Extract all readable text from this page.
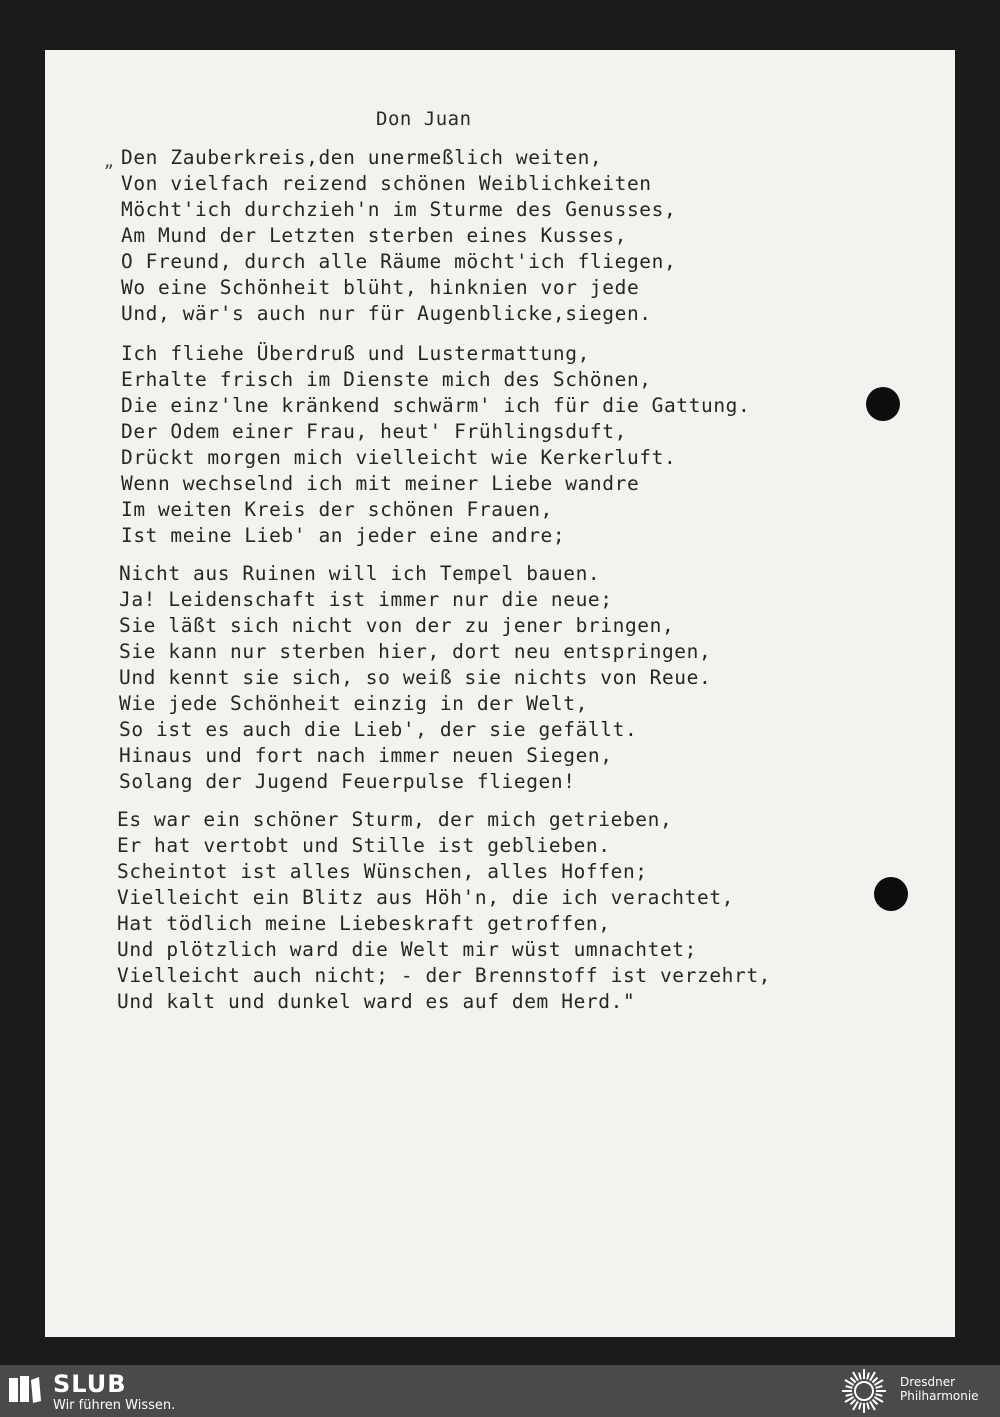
Don Juan
„ Den Zauberkreis,den unermeßlich weiten,
Von vielfach reizend schönen Weiblichkeiten
Möcht'ich durchzieh'n im Sturme des Genusses,
Am Mund der Letzten sterben eines Kusses,
O Freund, durch alle Räume möcht'ich fliegen,
Wo eine Schönheit blüht, hinknien vor jede
Und, wär's auch nur für Augenblicke,siegen.
Ich fliehe Überdruß und Lustermattung,
Erhalte frisch im Dienste mich des Schönen,
Die einz'lne kränkend schwärm' ich für die Gattung.
Der Odem einer Frau, heut' Frühlingsduft,
Drückt morgen mich vielleicht wie Kerkerluft.
Wenn wechselnd ich mit meiner Liebe wandre
Im weiten Kreis der schönen Frauen,
Ist meine Lieb' an jeder eine andre;
Nicht aus Ruinen will ich Tempel bauen.
Ja! Leidenschaft ist immer nur die neue;
Sie läßt sich nicht von der zu jener bringen,
Sie kann nur sterben hier, dort neu entspringen,
Und kennt sie sich, so weiß sie nichts von Reue.
Wie jede Schönheit einzig in der Welt,
So ist es auch die Lieb', der sie gefällt.
Hinaus und fort nach immer neuen Siegen,
Solang der Jugend Feuerpulse fliegen!
Es war ein schöner Sturm, der mich getrieben,
Er hat vertobt und Stille ist geblieben.
Scheintot ist alles Wünschen, alles Hoffen;
Vielleicht ein Blitz aus Höh'n, die ich verachtet,
Hat tödlich meine Liebeskraft getroffen,
Und plötzlich ward die Welt mir wüst umnachtet;
Vielleicht auch nicht; - der Brennstoff ist verzehrt,
Und kalt und dunkel ward es auf dem Herd."
SLUB
Wir führen Wissen.
Dresdner
Philharmonie
